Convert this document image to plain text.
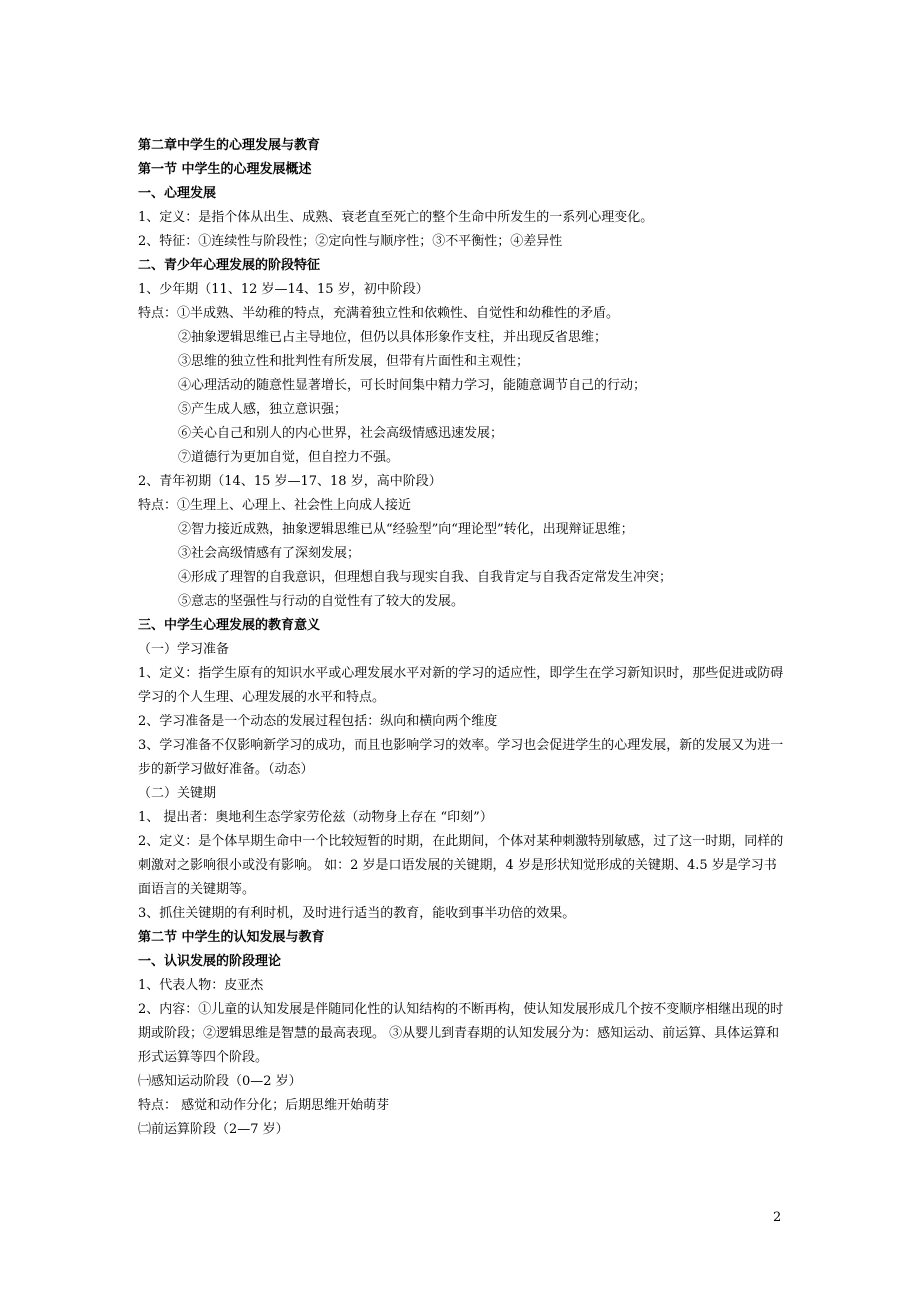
第二章中学生的心理发展与教育
第一节 中学生的心理发展概述
一、心理发展
1、定义：是指个体从出生、成熟、衰老直至死亡的整个生命中所发生的一系列心理变化。
2、特征：①连续性与阶段性；②定向性与顺序性；③不平衡性；④差异性
二、青少年心理发展的阶段特征
1、少年期（11、12 岁—14、15 岁，初中阶段）
特点：①半成熟、半幼稚的特点，充满着独立性和依赖性、自觉性和幼稚性的矛盾。
②抽象逻辑思维已占主导地位，但仍以具体形象作支柱，并出现反省思维；
③思维的独立性和批判性有所发展，但带有片面性和主观性；
④心理活动的随意性显著增长，可长时间集中精力学习，能随意调节自己的行动；
⑤产生成人感，独立意识强；
⑥关心自己和别人的内心世界，社会高级情感迅速发展；
⑦道德行为更加自觉，但自控力不强。
2、青年初期（14、15 岁—17、18 岁，高中阶段）
特点：①生理上、心理上、社会性上向成人接近
②智力接近成熟，抽象逻辑思维已从“经验型”向“理论型”转化，出现辩证思维；
③社会高级情感有了深刻发展；
④形成了理智的自我意识，但理想自我与现实自我、自我肯定与自我否定常发生冲突；
⑤意志的坚强性与行动的自觉性有了较大的发展。
三、中学生心理发展的教育意义
（一）学习准备
1、定义：指学生原有的知识水平或心理发展水平对新的学习的适应性，即学生在学习新知识时，那些促进或防碍学习的个人生理、心理发展的水平和特点。
2、学习准备是一个动态的发展过程包括：纵向和横向两个维度
3、学习准备不仅影响新学习的成功，而且也影响学习的效率。学习也会促进学生的心理发展，新的发展又为进一步的新学习做好准备。（动态）
（二）关键期
1、 提出者：奥地利生态学家劳伦兹（动物身上存在 “印刻”）
2、定义：是个体早期生命中一个比较短暂的时期，在此期间，个体对某种刺激特别敏感，过了这一时期，同样的刺激对之影响很小或没有影响。 如：2 岁是口语发展的关键期，4 岁是形状知觉形成的关键期、4.5 岁是学习书面语言的关键期等。
3、抓住关键期的有利时机，及时进行适当的教育，能收到事半功倍的效果。
第二节 中学生的认知发展与教育
一、认识发展的阶段理论
1、代表人物：皮亚杰
2、内容：①儿童的认知发展是伴随同化性的认知结构的不断再构，使认知发展形成几个按不变顺序相继出现的时期或阶段；②逻辑思维是智慧的最高表现。 ③从婴儿到青春期的认知发展分为：感知运动、前运算、具体运算和形式运算等四个阶段。
㈠感知运动阶段（0—2 岁）
特点： 感觉和动作分化；后期思维开始萌芽
㈡前运算阶段（2—7 岁）
2
